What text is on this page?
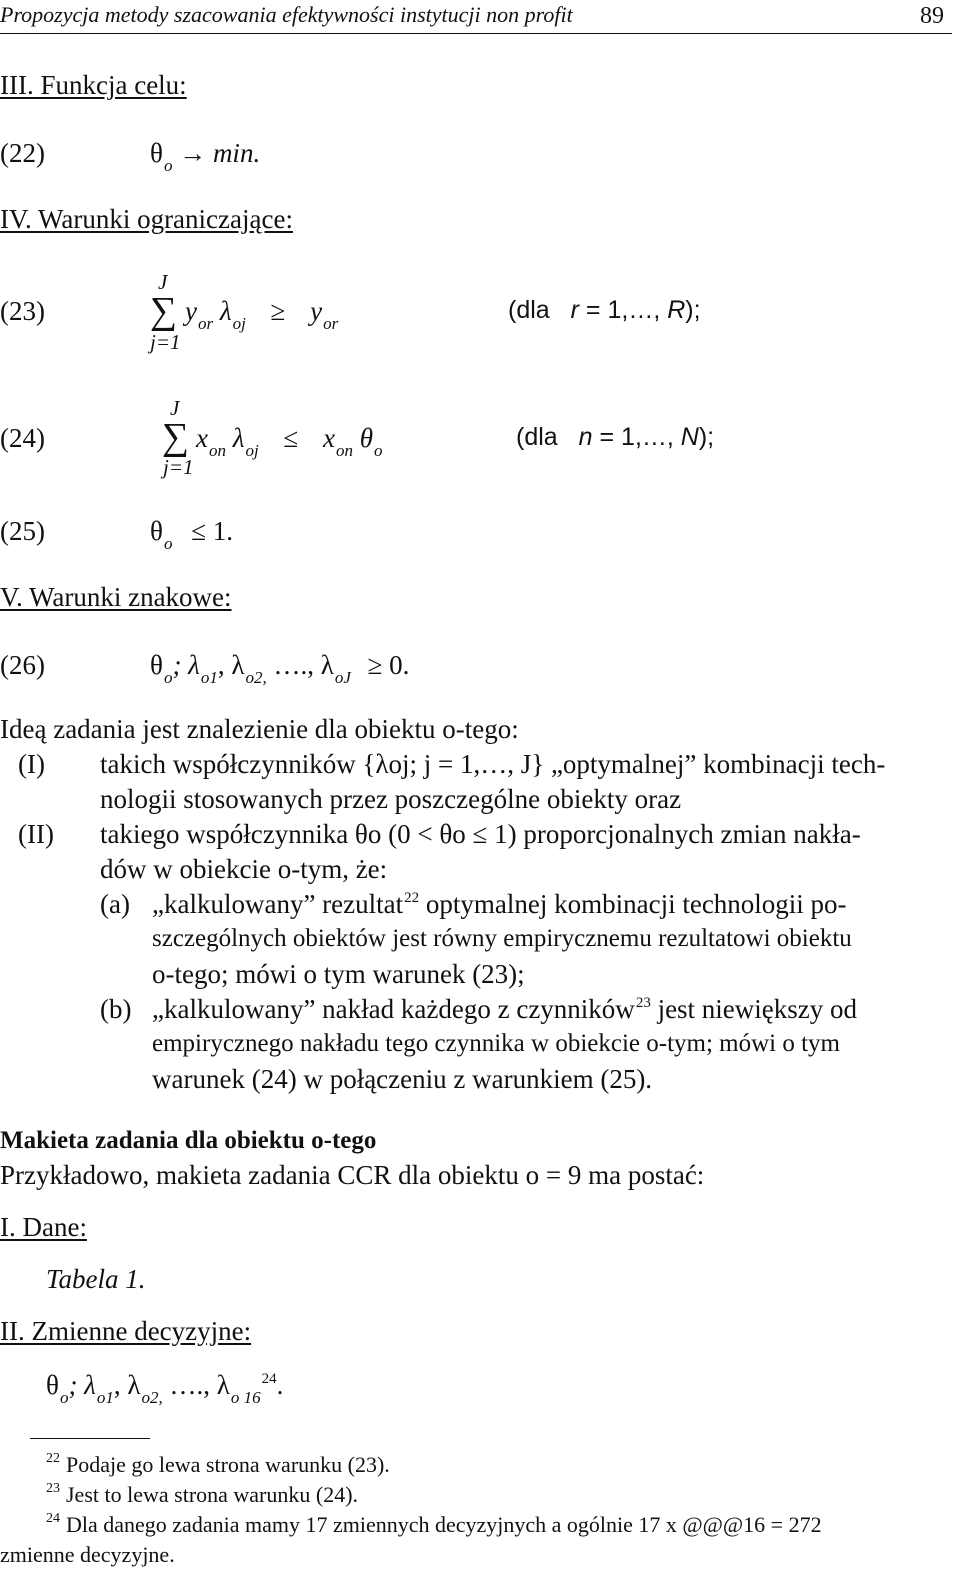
Propozycja metody szacowania efektywności instytucji non profit	89
III. Funkcja celu:
(22)	$\theta_o \to \min$.
IV. Warunki ograniczające:
(23)
J
∑
j=1
$y_{or}$ $\lambda_{oj} \ge y_{or}$	(dla r = 1,…, R);
(24)
J
∑
j=1
$x_{on}$ $\lambda_{oj} \le x_{on}$ $\theta_o$	(dla n = 1,…, N);
(25)	$\theta_o \le 1$.
V. Warunki znakowe:
(26)	$\theta_o$; $\lambda_{o1}$, $\lambda_{o2,}$ …., $\lambda_{oJ} \ge 0$.
Ideą zadania jest znalezienie dla obiektu o-tego:
(I) takich współczynników {λoj; j = 1,…, J} „optymalnej” kombinacji tech-
nologii stosowanych przez poszczególne obiekty oraz
(II) takiego współczynnika θo (0 < θo ≤ 1) proporcjonalnych zmian nakła-
dów w obiekcie o-tym, że:
(a) „kalkulowany” rezultat$^{22}$ optymalnej kombinacji technologii po-
szczególnych obiektów jest równy empirycznemu rezultatowi obiektu
o-tego; mówi o tym warunek (23);
(b) „kalkulowany” nakład każdego z czynników$^{23}$ jest niewiększy od
empirycznego nakładu tego czynnika w obiekcie o-tym; mówi o tym
warunek (24) w połączeniu z warunkiem (25).
Makieta zadania dla obiektu o-tego
Przykładowo, makieta zadania CCR dla obiektu o = 9 ma postać:
I. Dane:
Tabela 1.
II. Zmienne decyzyjne:
$\theta_o$; $\lambda_{o1}$, $\lambda_{o2,}$ …., $\lambda_{o 16}^{24}$.
$^{22}$ Podaje go lewa strona warunku (23).
$^{23}$ Jest to lewa strona warunku (24).
$^{24}$ Dla danego zadania mamy 17 zmiennych decyzyjnych a ogólnie 17 x @@@16 = 272
zmienne decyzyjne.
